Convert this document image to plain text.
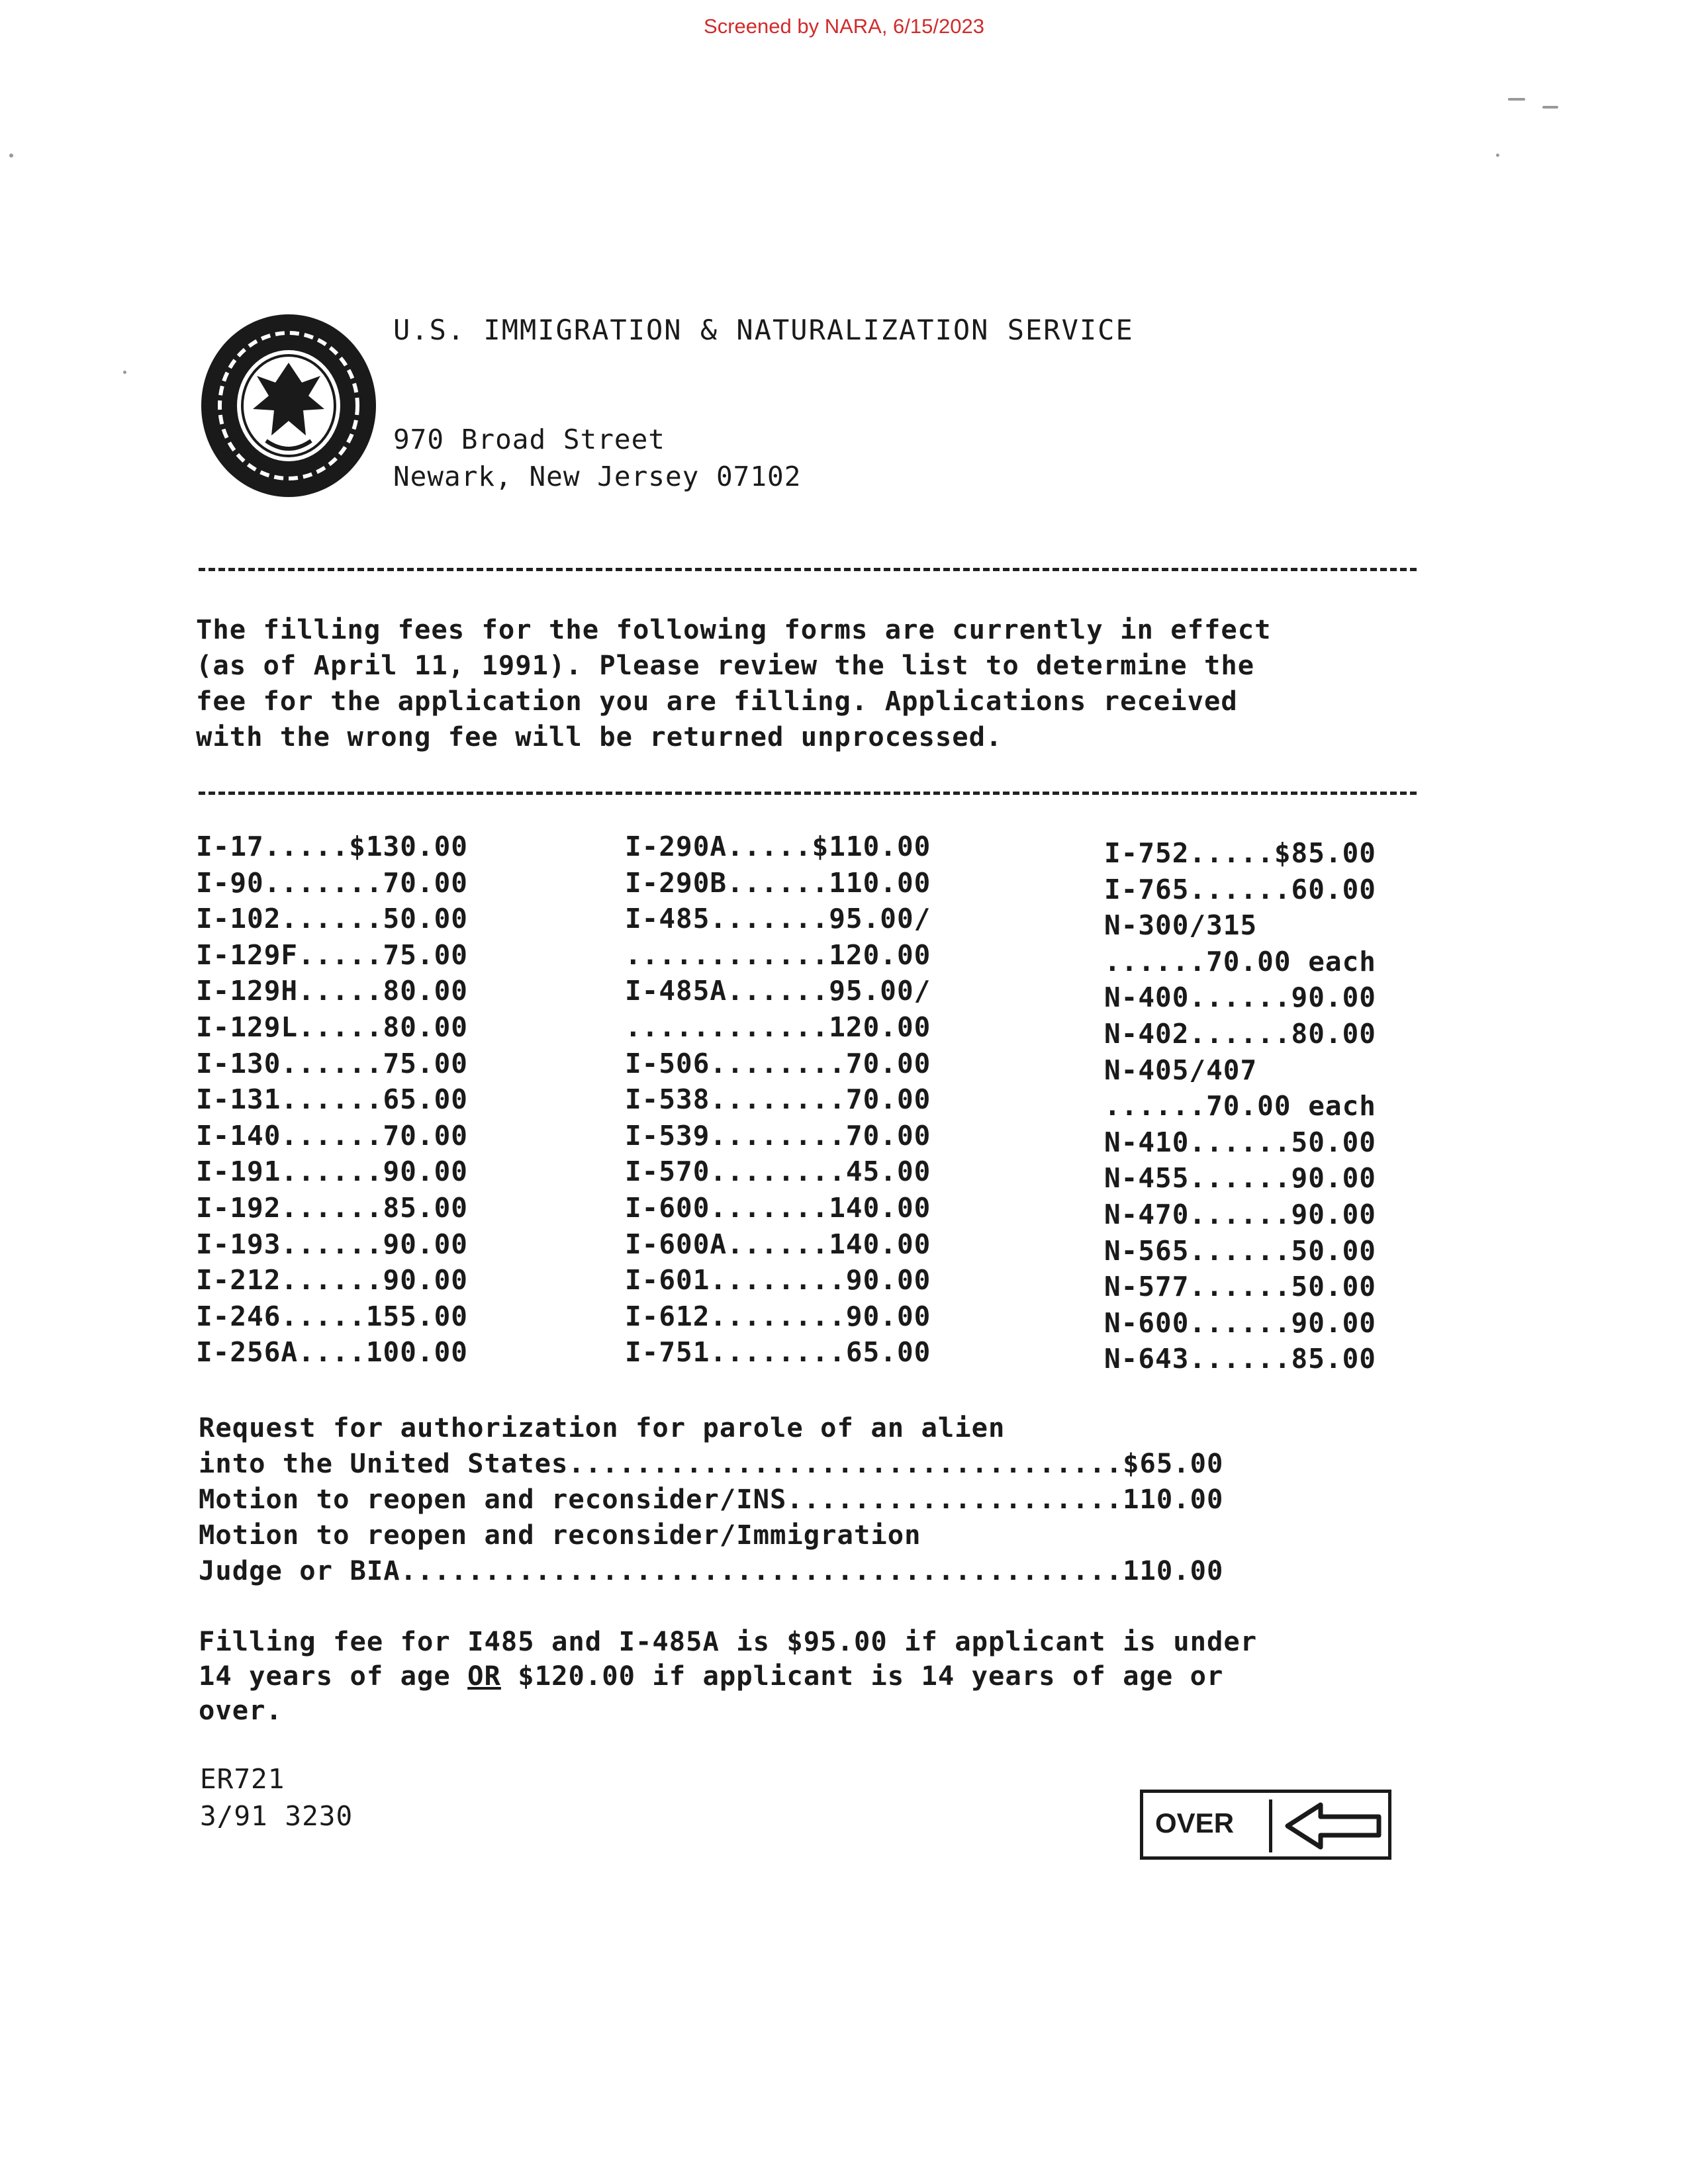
Screened by NARA, 6/15/2023
U.S. IMMIGRATION & NATURALIZATION SERVICE
970 Broad Street
Newark, New Jersey 07102
The filling fees for the following forms are currently in effect
(as of April 11, 1991). Please review the list to determine the
fee for the application you are filling. Applications received
with the wrong fee will be returned unprocessed.
I-17.....$130.00
I-90.......70.00
I-102......50.00
I-129F.....75.00
I-129H.....80.00
I-129L.....80.00
I-130......75.00
I-131......65.00
I-140......70.00
I-191......90.00
I-192......85.00
I-193......90.00
I-212......90.00
I-246.....155.00
I-256A....100.00
I-290A.....$110.00
I-290B......110.00
I-485.......95.00/
............120.00
I-485A......95.00/
............120.00
I-506........70.00
I-538........70.00
I-539........70.00
I-570........45.00
I-600.......140.00
I-600A......140.00
I-601........90.00
I-612........90.00
I-751........65.00
I-752.....$85.00
I-765......60.00
N-300/315
......70.00 each
N-400......90.00
N-402......80.00
N-405/407
......70.00 each
N-410......50.00
N-455......90.00
N-470......90.00
N-565......50.00
N-577......50.00
N-600......90.00
N-643......85.00
Request for authorization for parole of an alien
into the United States.................................$65.00
Motion to reopen and reconsider/INS....................110.00
Motion to reopen and reconsider/Immigration
Judge or BIA...........................................110.00
Filling fee for I485 and I-485A is $95.00 if applicant is under
14 years of age OR $120.00 if applicant is 14 years of age or
over.
ER721
3/91 3230	OVER
